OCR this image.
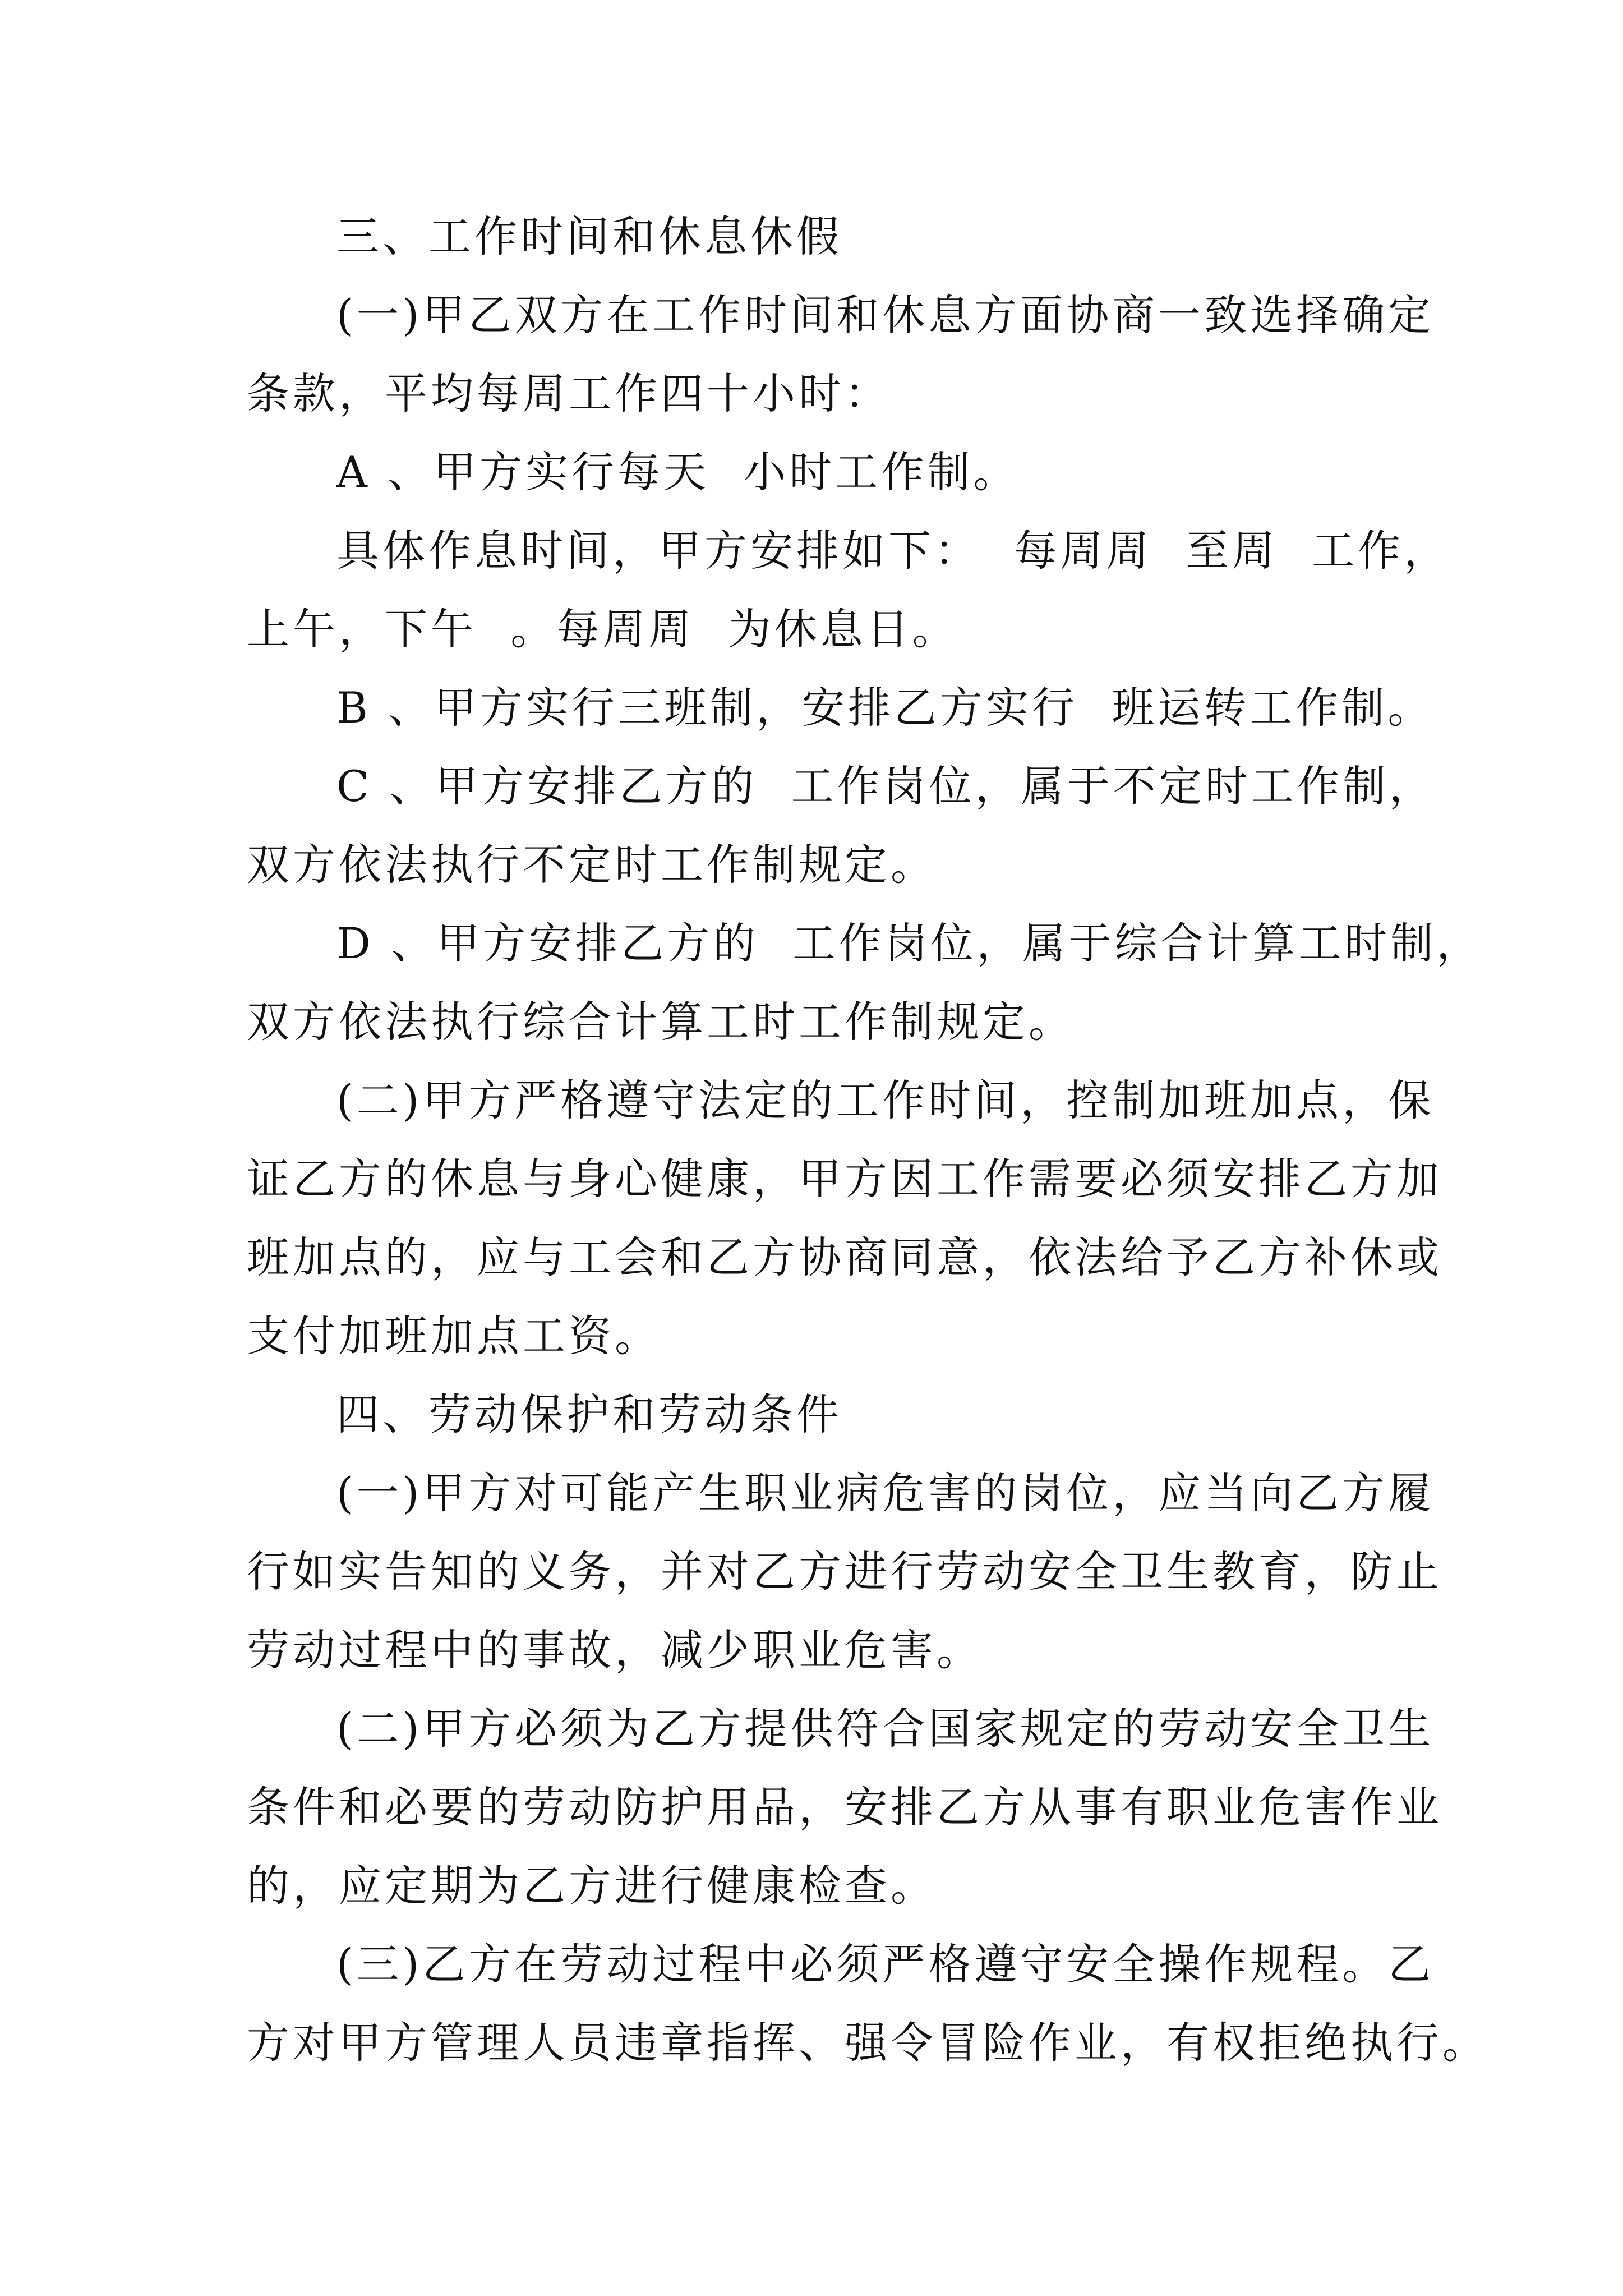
三、工作时间和休息休假
(一)甲乙双方在工作时间和休息方面协商一致选择确定
条款，平均每周工作四十小时：
A 、甲方实行每天  小时工作制。
具体作息时间，甲方安排如下：  每周周  至周  工作，
上午，下午  。每周周  为休息日。
B 、甲方实行三班制，安排乙方实行  班运转工作制。
C 、甲方安排乙方的  工作岗位，属于不定时工作制，
双方依法执行不定时工作制规定。
D 、甲方安排乙方的  工作岗位，属于综合计算工时制，
双方依法执行综合计算工时工作制规定。
(二)甲方严格遵守法定的工作时间，控制加班加点，保
证乙方的休息与身心健康，甲方因工作需要必须安排乙方加
班加点的，应与工会和乙方协商同意，依法给予乙方补休或
支付加班加点工资。
四、劳动保护和劳动条件
(一)甲方对可能产生职业病危害的岗位，应当向乙方履
行如实告知的义务，并对乙方进行劳动安全卫生教育，防止
劳动过程中的事故，减少职业危害。
(二)甲方必须为乙方提供符合国家规定的劳动安全卫生
条件和必要的劳动防护用品，安排乙方从事有职业危害作业
的，应定期为乙方进行健康检查。
(三)乙方在劳动过程中必须严格遵守安全操作规程。乙
方对甲方管理人员违章指挥、强令冒险作业，有权拒绝执行。
